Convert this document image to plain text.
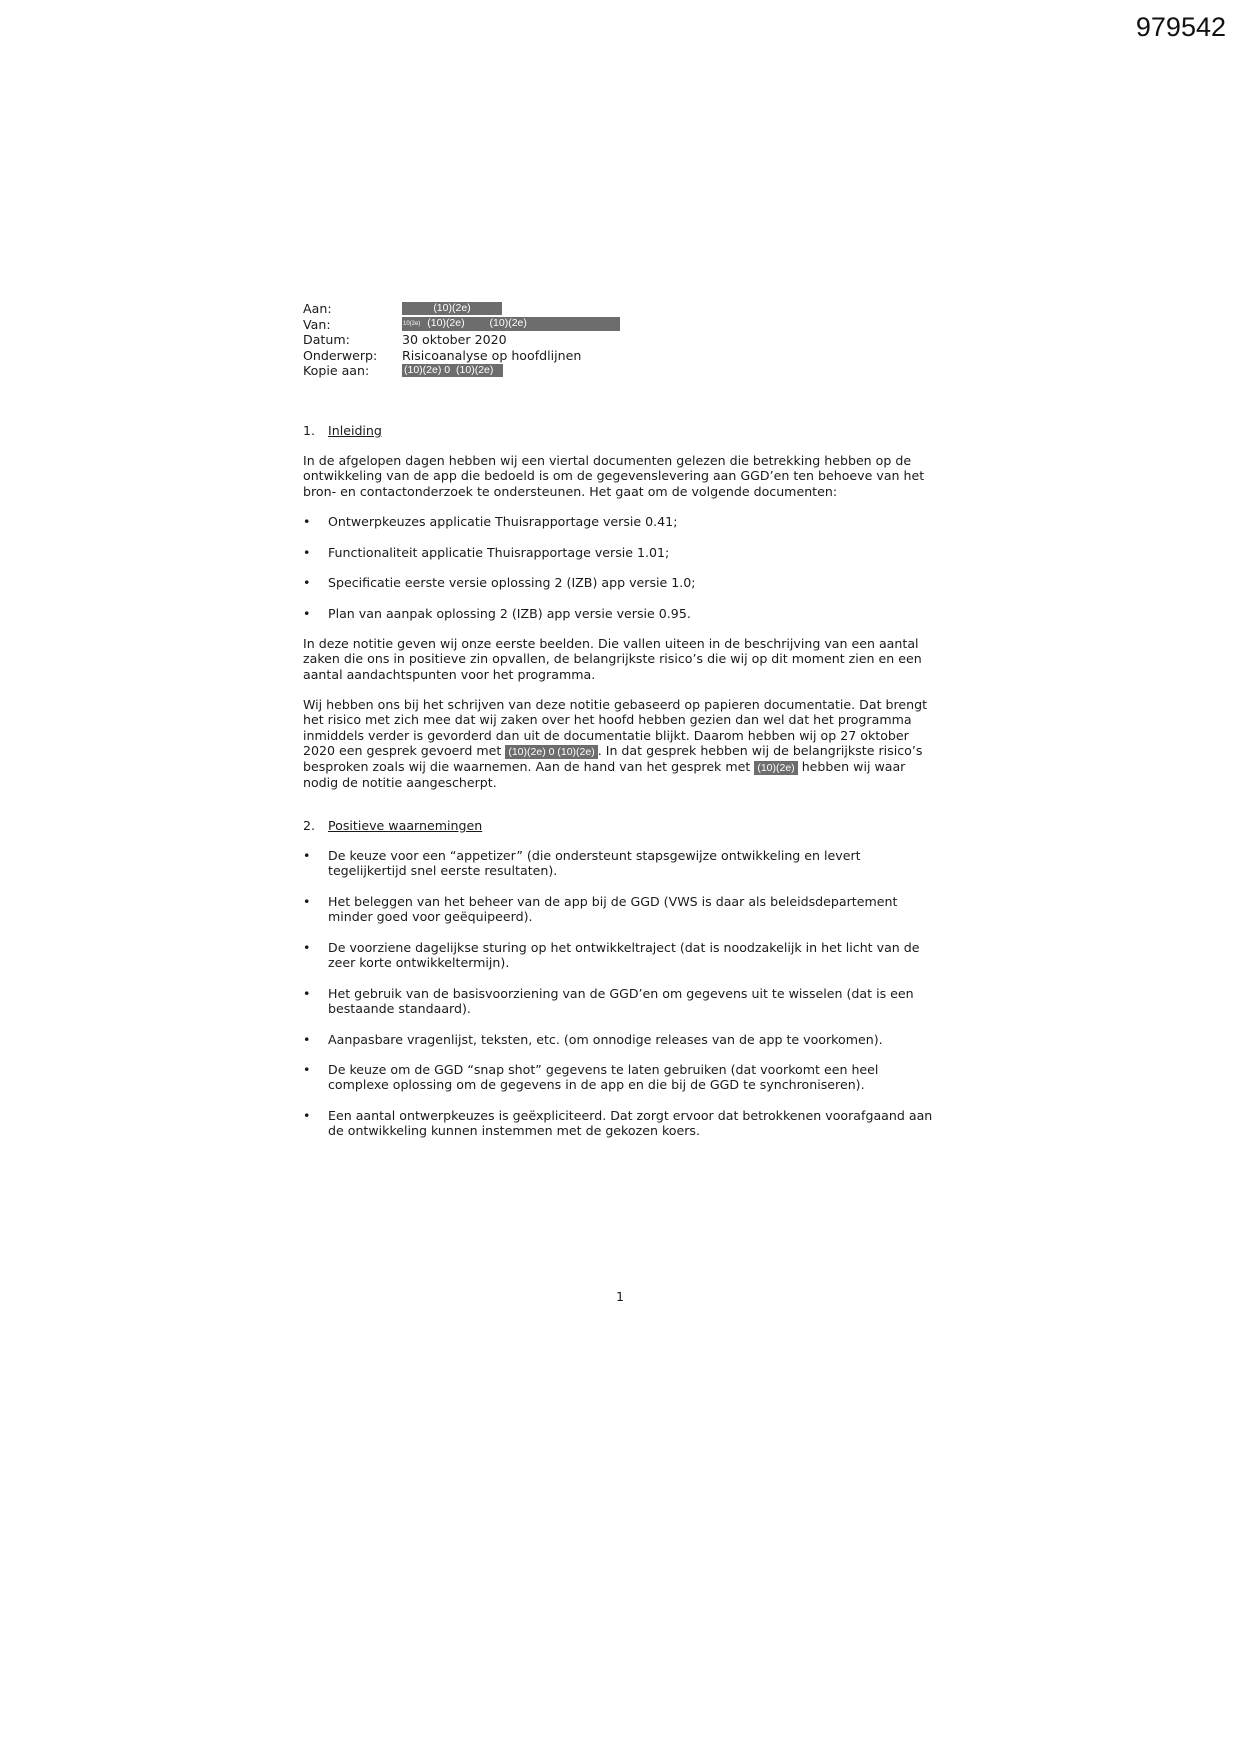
979542
Aan:	(10)(2e)
Van:	10(2e) (10)(2e) (10)(2e)
Datum:	30 oktober 2020
Onderwerp:	Risicoanalyse op hoofdlijnen
Kopie aan:	(10)(2e) 0 (10)(2e)
1. Inleiding

In de afgelopen dagen hebben wij een viertal documenten gelezen die betrekking hebben op de
ontwikkeling van de app die bedoeld is om de gegevenslevering aan GGD’en ten behoeve van het
bron- en contactonderzoek te ondersteunen. Het gaat om de volgende documenten:

•	Ontwerpkeuzes applicatie Thuisrapportage versie 0.41;
•	Functionaliteit applicatie Thuisrapportage versie 1.01;
•	Specificatie eerste versie oplossing 2 (IZB) app versie 1.0;
•	Plan van aanpak oplossing 2 (IZB) app versie versie 0.95.

In deze notitie geven wij onze eerste beelden. Die vallen uiteen in de beschrijving van een aantal
zaken die ons in positieve zin opvallen, de belangrijkste risico’s die wij op dit moment zien en een
aantal aandachtspunten voor het programma.

Wij hebben ons bij het schrijven van deze notitie gebaseerd op papieren documentatie. Dat brengt
het risico met zich mee dat wij zaken over het hoofd hebben gezien dan wel dat het programma
inmiddels verder is gevorderd dan uit de documentatie blijkt. Daarom hebben wij op 27 oktober
2020 een gesprek gevoerd met (10)(2e) 0 (10)(2e) . In dat gesprek hebben wij de belangrijkste risico’s
besproken zoals wij die waarnemen. Aan de hand van het gesprek met (10)(2e) hebben wij waar
nodig de notitie aangescherpt.

2. Positieve waarnemingen
•	De keuze voor een “appetizer” (die ondersteunt stapsgewijze ontwikkeling en levert
tegelijkertijd snel eerste resultaten).
•	Het beleggen van het beheer van de app bij de GGD (VWS is daar als beleidsdepartement
minder goed voor geëquipeerd).
•	De voorziene dagelijkse sturing op het ontwikkeltraject (dat is noodzakelijk in het licht van de
zeer korte ontwikkeltermijn).
•	Het gebruik van de basisvoorziening van de GGD’en om gegevens uit te wisselen (dat is een
bestaande standaard).
•	Aanpasbare vragenlijst, teksten, etc. (om onnodige releases van de app te voorkomen).
•	De keuze om de GGD “snap shot” gegevens te laten gebruiken (dat voorkomt een heel
complexe oplossing om de gegevens in de app en die bij de GGD te synchroniseren).
•	Een aantal ontwerpkeuzes is geëxpliciteerd. Dat zorgt ervoor dat betrokkenen voorafgaand aan
de ontwikkeling kunnen instemmen met de gekozen koers.
1
